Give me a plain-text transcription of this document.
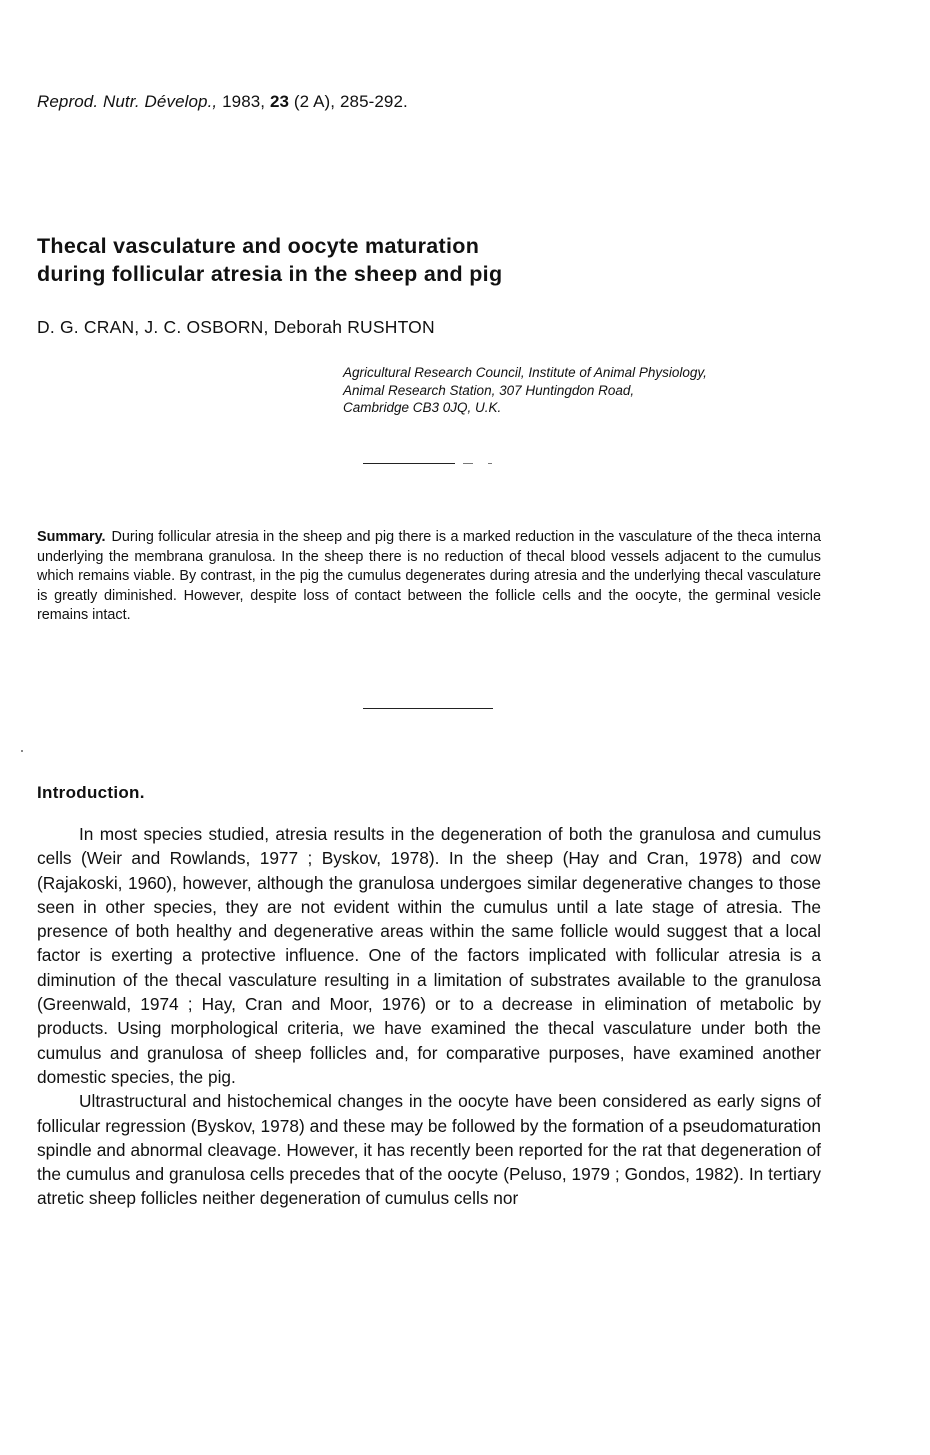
Reprod. Nutr. Dévelop., 1983, 23 (2 A), 285-292.
Thecal vasculature and oocyte maturation
during follicular atresia in the sheep and pig
D. G. CRAN, J. C. OSBORN, Deborah RUSHTON
Agricultural Research Council, Institute of Animal Physiology,
Animal Research Station, 307 Huntingdon Road,
Cambridge CB3 0JQ, U.K.
Summary. During follicular atresia in the sheep and pig there is a marked reduction in the vasculature of the theca interna underlying the membrana granulosa. In the sheep there is no reduction of thecal blood vessels adjacent to the cumulus which remains viable. By contrast, in the pig the cumulus degenerates during atresia and the underlying thecal vasculature is greatly diminished. However, despite loss of contact between the follicle cells and the oocyte, the germinal vesicle remains intact.
Introduction.

In most species studied, atresia results in the degeneration of both the granulosa and cumulus cells (Weir and Rowlands, 1977 ; Byskov, 1978). In the sheep (Hay and Cran, 1978) and cow (Rajakoski, 1960), however, although the granulosa undergoes similar degenerative changes to those seen in other species, they are not evident within the cumulus until a late stage of atresia. The presence of both healthy and degenerative areas within the same follicle would suggest that a local factor is exerting a protective influence. One of the factors implicated with follicular atresia is a diminution of the thecal vasculature resulting in a limitation of substrates available to the granulosa (Greenwald, 1974 ; Hay, Cran and Moor, 1976) or to a decrease in elimination of metabolic by products. Using morphological criteria, we have examined the thecal vasculature under both the cumulus and granulosa of sheep follicles and, for comparative purposes, have examined another domestic species, the pig.

Ultrastructural and histochemical changes in the oocyte have been considered as early signs of follicular regression (Byskov, 1978) and these may be followed by the formation of a pseudomaturation spindle and abnormal cleavage. However, it has recently been reported for the rat that degeneration of the cumulus and granulosa cells precedes that of the oocyte (Peluso, 1979 ; Gondos, 1982). In tertiary atretic sheep follicles neither degeneration of cumulus cells nor
